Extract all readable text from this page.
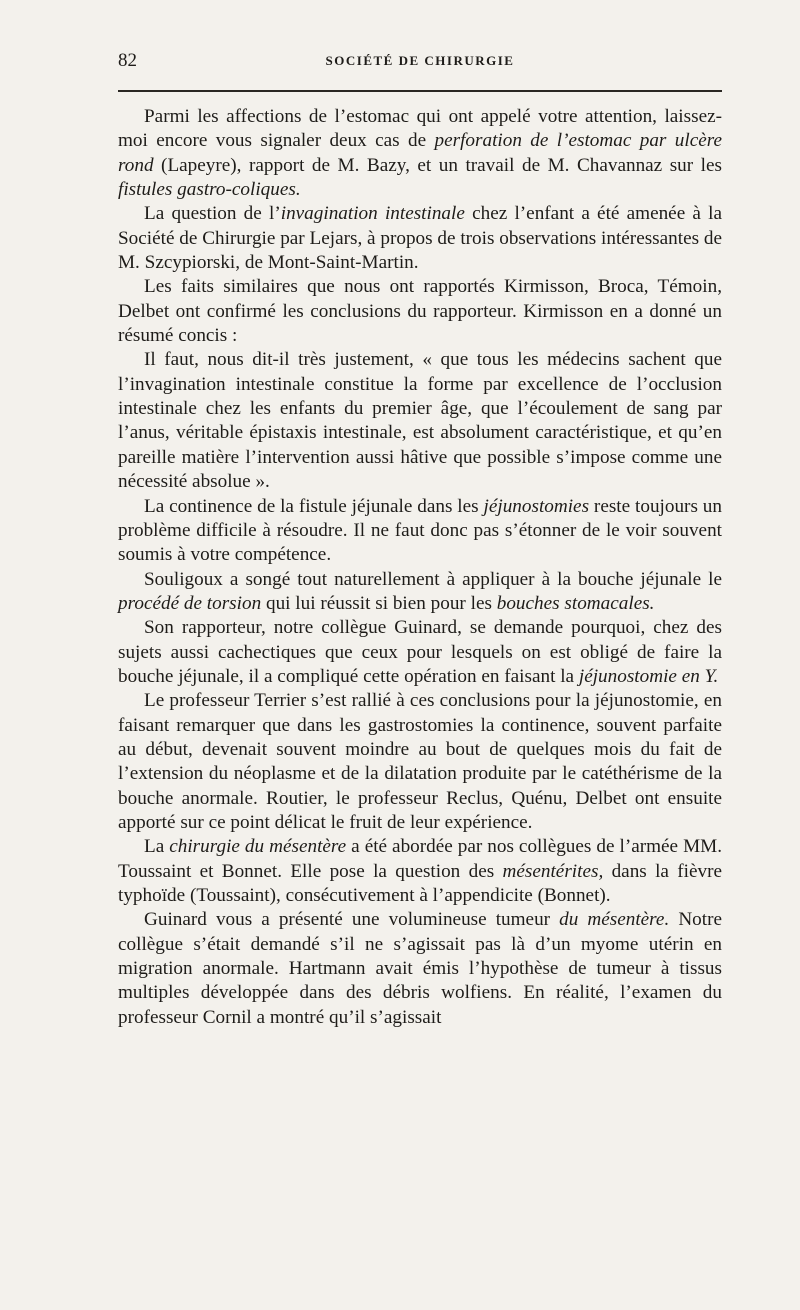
82	SOCIÉTÉ DE CHIRURGIE

Parmi les affections de l’estomac qui ont appelé votre attention, laissez-moi encore vous signaler deux cas de perforation de l’estomac par ulcère rond (Lapeyre), rapport de M. Bazy, et un travail de M. Chavannaz sur les fistules gastro-coliques.

La question de l’invagination intestinale chez l’enfant a été amenée à la Société de Chirurgie par Lejars, à propos de trois observations intéressantes de M. Szcypiorski, de Mont-Saint-Martin.

Les faits similaires que nous ont rapportés Kirmisson, Broca, Témoin, Delbet ont confirmé les conclusions du rapporteur. Kirmisson en a donné un résumé concis :

Il faut, nous dit-il très justement, « que tous les médecins sachent que l’invagination intestinale constitue la forme par excellence de l’occlusion intestinale chez les enfants du premier âge, que l’écoulement de sang par l’anus, véritable épistaxis intestinale, est absolument caractéristique, et qu’en pareille matière l’intervention aussi hâtive que possible s’impose comme une nécessité absolue ».

La continence de la fistule jéjunale dans les jéjunostomies reste toujours un problème difficile à résoudre. Il ne faut donc pas s’étonner de le voir souvent soumis à votre compétence.

Souligoux a songé tout naturellement à appliquer à la bouche jéjunale le procédé de torsion qui lui réussit si bien pour les bouches stomacales.

Son rapporteur, notre collègue Guinard, se demande pourquoi, chez des sujets aussi cachectiques que ceux pour lesquels on est obligé de faire la bouche jéjunale, il a compliqué cette opération en faisant la jéjunostomie en Y.

Le professeur Terrier s’est rallié à ces conclusions pour la jéjunostomie, en faisant remarquer que dans les gastrostomies la continence, souvent parfaite au début, devenait souvent moindre au bout de quelques mois du fait de l’extension du néoplasme et de la dilatation produite par le catéthérisme de la bouche anormale. Routier, le professeur Reclus, Quénu, Delbet ont ensuite apporté sur ce point délicat le fruit de leur expérience.

La chirurgie du mésentère a été abordée par nos collègues de l’armée MM. Toussaint et Bonnet. Elle pose la question des mésentérites, dans la fièvre typhoïde (Toussaint), consécutivement à l’appendicite (Bonnet).

Guinard vous a présenté une volumineuse tumeur du mésentère. Notre collègue s’était demandé s’il ne s’agissait pas là d’un myome utérin en migration anormale. Hartmann avait émis l’hypothèse de tumeur à tissus multiples développée dans des débris wolfiens. En réalité, l’examen du professeur Cornil a montré qu’il s’agissait
